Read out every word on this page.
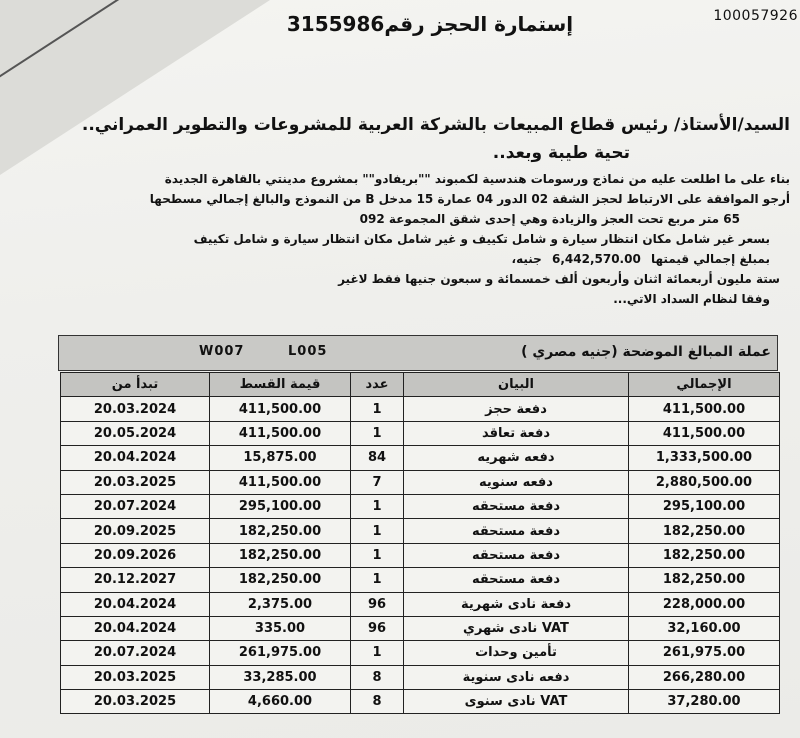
100057926
إستمارة الحجز رقم3155986
السيد/الأستاذ/ رئيس قطاع المبيعات بالشركة العربية للمشروعات والتطوير العمراني..
تحية طيبة وبعد..
بناء على ما اطلعت عليه من نماذج ورسومات هندسية لكمبوند ""بريفادو"" بمشروع مدينتي بالقاهرة الجديدة
أرجو الموافقة على الارتباط لحجز الشقة 02 الدور 04 عمارة 15 مدخل B من النموذج والبالغ إجمالي مسطحها
65 متر مربع تحت العجز والزيادة وهي إحدى شقق المجموعة 092
بسعر غير شامل مكان انتظار سيارة و شامل تكييف و غير شامل مكان انتظار سيارة و شامل تكييف
بمبلغ إجمالي قيمتها 6,442,570.00 جنيه،
ستة مليون أربعمائة اثنان وأربعون ألف خمسمائة و سبعون جنيها فقط لاغير
وفقا لنظام السداد الاتي...
W007	L005	عملة المبالغ الموضحة (جنيه مصري )
تبدأ من	قيمة القسط	عدد	البيان	الإجمالي
20.03.2024	411,500.00	1	دفعة حجز	411,500.00
20.05.2024	411,500.00	1	دفعة تعاقد	411,500.00
20.04.2024	15,875.00	84	دفعه شهريه	1,333,500.00
20.03.2025	411,500.00	7	دفعه سنويه	2,880,500.00
20.07.2024	295,100.00	1	دفعة مستحقه	295,100.00
20.09.2025	182,250.00	1	دفعة مستحقه	182,250.00
20.09.2026	182,250.00	1	دفعة مستحقه	182,250.00
20.12.2027	182,250.00	1	دفعة مستحقه	182,250.00
20.04.2024	2,375.00	96	دفعة نادى شهرية	228,000.00
20.04.2024	335.00	96	VAT نادى شهري	32,160.00
20.07.2024	261,975.00	1	تأمين وحدات	261,975.00
20.03.2025	33,285.00	8	دفعه نادى سنوية	266,280.00
20.03.2025	4,660.00	8	VAT نادى سنوى	37,280.00
